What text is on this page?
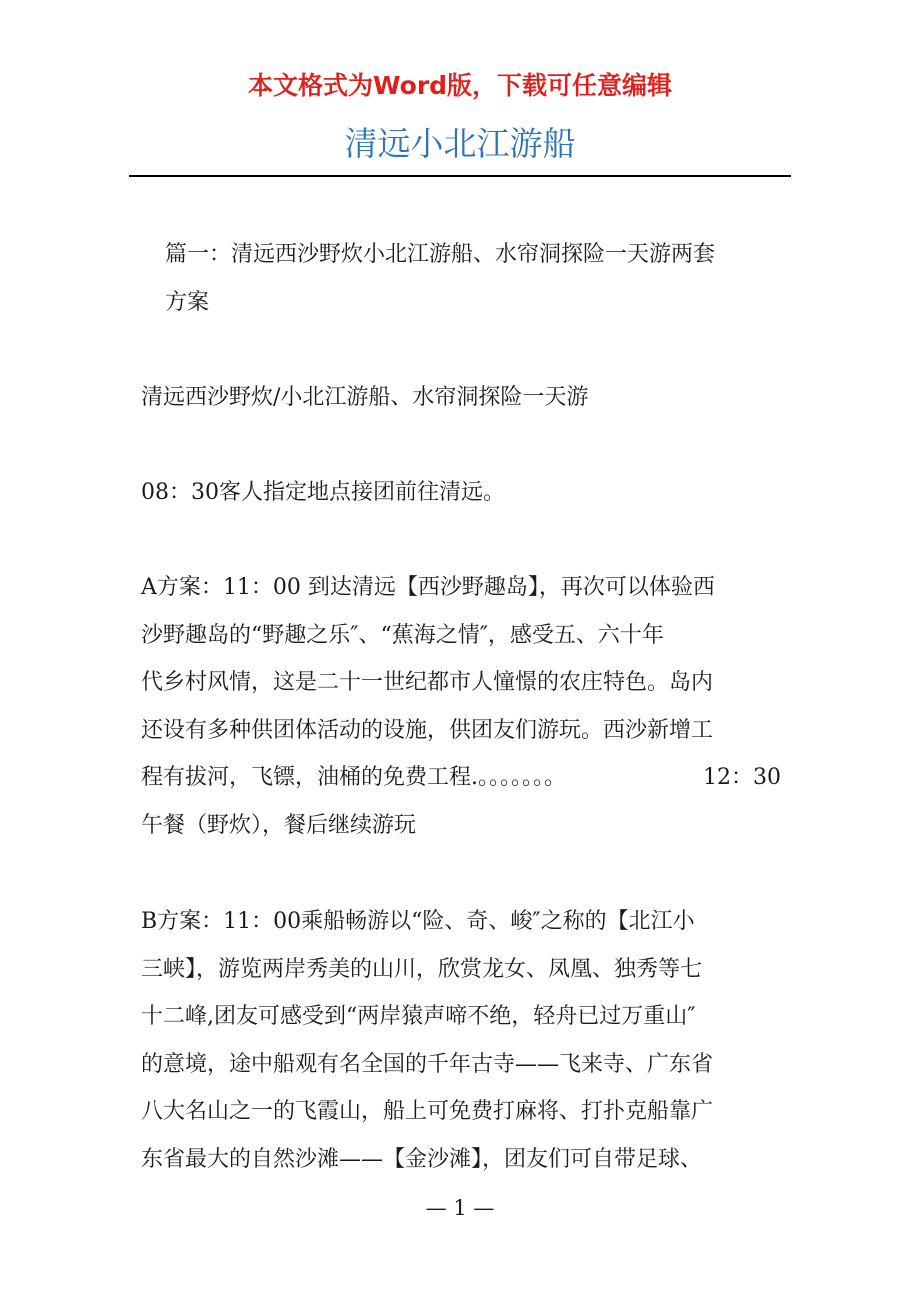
本文格式为Word版，下载可任意编辑
清远小北江游船
篇一：清远西沙野炊小北江游船、水帘洞探险一天游两套
方案
清远西沙野炊/小北江游船、水帘洞探险一天游
08：30客人指定地点接团前往清远。
A方案：11：00 到达清远【西沙野趣岛】，再次可以体验西
沙野趣岛的“野趣之乐″、“蕉海之情″，感受五、六十年
代乡村风情，这是二十一世纪都市人憧憬的农庄特色。岛内
还设有多种供团体活动的设施，供团友们游玩。西沙新增工
程有拔河，飞镖，油桶的免费工程.。。。。。。。	12：30
午餐（野炊），餐后继续游玩
B方案：11：00乘船畅游以“险、奇、峻″之称的【北江小
三峡】，游览两岸秀美的山川，欣赏龙女、凤凰、独秀等七
十二峰,团友可感受到“两岸猿声啼不绝，轻舟已过万重山″
的意境，途中船观有名全国的千年古寺——飞来寺、广东省
八大名山之一的飞霞山，船上可免费打麻将、打扑克船靠广
东省最大的自然沙滩——【金沙滩】，团友们可自带足球、
— 1 —
